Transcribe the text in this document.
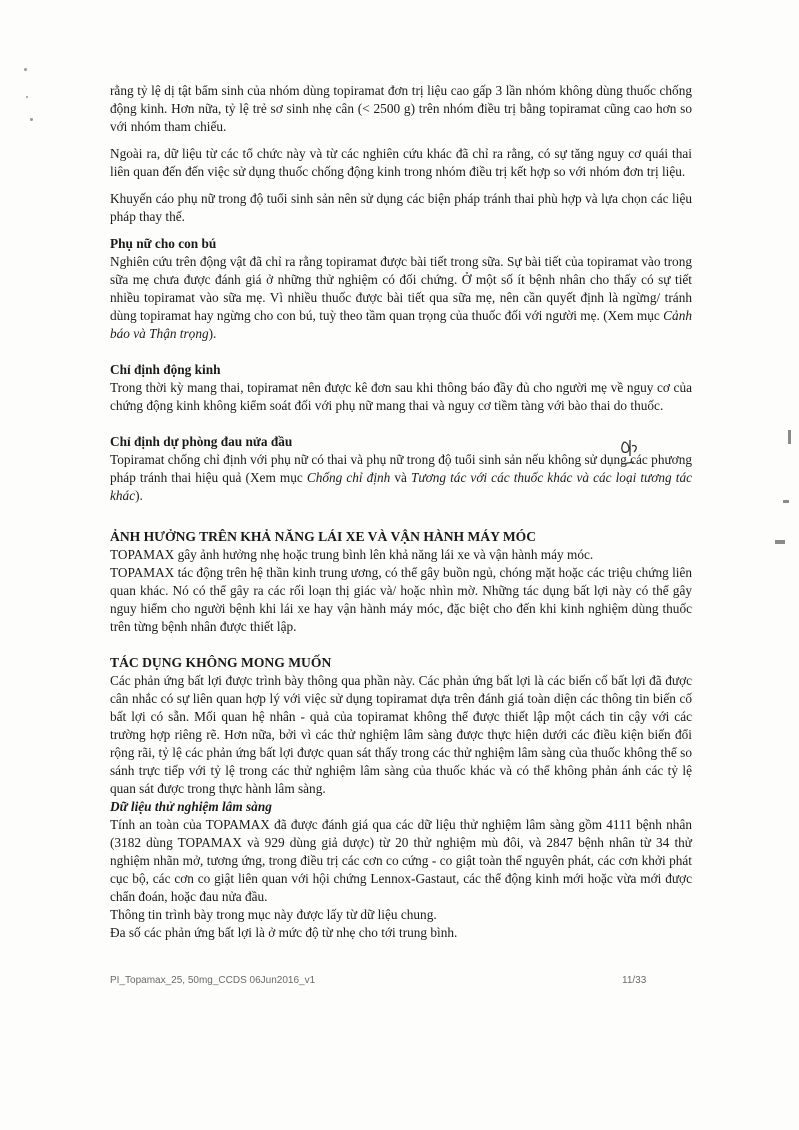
rằng tỷ lệ dị tật bẩm sinh của nhóm dùng topiramat đơn trị liệu cao gấp 3 lần nhóm không dùng thuốc chống động kinh. Hơn nữa, tỷ lệ trẻ sơ sinh nhẹ cân (< 2500 g) trên nhóm điều trị bằng topiramat cũng cao hơn so với nhóm tham chiếu.

Ngoài ra, dữ liệu từ các tổ chức này và từ các nghiên cứu khác đã chỉ ra rằng, có sự tăng nguy cơ quái thai liên quan đến đến việc sử dụng thuốc chống động kinh trong nhóm điều trị kết hợp so với nhóm đơn trị liệu.

Khuyến cáo phụ nữ trong độ tuổi sinh sản nên sử dụng các biện pháp tránh thai phù hợp và lựa chọn các liệu pháp thay thế.

Phụ nữ cho con bú

Nghiên cứu trên động vật đã chỉ ra rằng topiramat được bài tiết trong sữa. Sự bài tiết của topiramat vào trong sữa mẹ chưa được đánh giá ở những thử nghiệm có đối chứng. Ở một số ít bệnh nhân cho thấy có sự tiết nhiều topiramat vào sữa mẹ. Vì nhiều thuốc được bài tiết qua sữa mẹ, nên cần quyết định là ngừng/ tránh dùng topiramat hay ngừng cho con bú, tuỳ theo tầm quan trọng của thuốc đối với người mẹ. (Xem mục Cảnh báo và Thận trọng).

Chỉ định động kinh

Trong thời kỳ mang thai, topiramat nên được kê đơn sau khi thông báo đầy đủ cho người mẹ về nguy cơ của chứng động kinh không kiểm soát đối với phụ nữ mang thai và nguy cơ tiềm tàng với bào thai do thuốc.

Chỉ định dự phòng đau nửa đầu

Topiramat chống chỉ định với phụ nữ có thai và phụ nữ trong độ tuổi sinh sản nếu không sử dụng các phương pháp tránh thai hiệu quả (Xem mục Chống chỉ định và Tương tác với các thuốc khác và các loại tương tác khác).

ẢNH HƯỞNG TRÊN KHẢ NĂNG LÁI XE VÀ VẬN HÀNH MÁY MÓC

TOPAMAX gây ảnh hưởng nhẹ hoặc trung bình lên khả năng lái xe và vận hành máy móc.

TOPAMAX tác động trên hệ thần kinh trung ương, có thể gây buồn ngủ, chóng mặt hoặc các triệu chứng liên quan khác. Nó có thể gây ra các rối loạn thị giác và/ hoặc nhìn mờ. Những tác dụng bất lợi này có thể gây nguy hiểm cho người bệnh khi lái xe hay vận hành máy móc, đặc biệt cho đến khi kinh nghiệm dùng thuốc trên từng bệnh nhân được thiết lập.

TÁC DỤNG KHÔNG MONG MUỐN

Các phản ứng bất lợi được trình bày thông qua phần này. Các phản ứng bất lợi là các biến cố bất lợi đã được cân nhắc có sự liên quan hợp lý với việc sử dụng topiramat dựa trên đánh giá toàn diện các thông tin biến cố bất lợi có sẵn. Mối quan hệ nhân - quả của topiramat không thể được thiết lập một cách tin cậy với các trường hợp riêng rẽ. Hơn nữa, bởi vì các thử nghiệm lâm sàng được thực hiện dưới các điều kiện biến đổi rộng rãi, tỷ lệ các phản ứng bất lợi được quan sát thấy trong các thử nghiệm lâm sàng của thuốc không thể so sánh trực tiếp với tỷ lệ trong các thử nghiệm lâm sàng của thuốc khác và có thể không phản ánh các tỷ lệ quan sát được trong thực hành lâm sàng.

Dữ liệu thử nghiệm lâm sàng

Tính an toàn của TOPAMAX đã được đánh giá qua các dữ liệu thử nghiệm lâm sàng gồm 4111 bệnh nhân (3182 dùng TOPAMAX và 929 dùng giả dược) từ 20 thử nghiệm mù đôi, và 2847 bệnh nhân từ 34 thử nghiệm nhãn mở, tương ứng, trong điều trị các cơn co cứng - co giật toàn thể nguyên phát, các cơn khởi phát cục bộ, các cơn co giật liên quan với hội chứng Lennox-Gastaut, các thể động kinh mới hoặc vừa mới được chẩn đoán, hoặc đau nửa đầu.

Thông tin trình bày trong mục này được lấy từ dữ liệu chung.

Đa số các phản ứng bất lợi là ở mức độ từ nhẹ cho tới trung bình.

PI_Topamax_25, 50mg_CCDS 06Jun2016_v1	11/33
